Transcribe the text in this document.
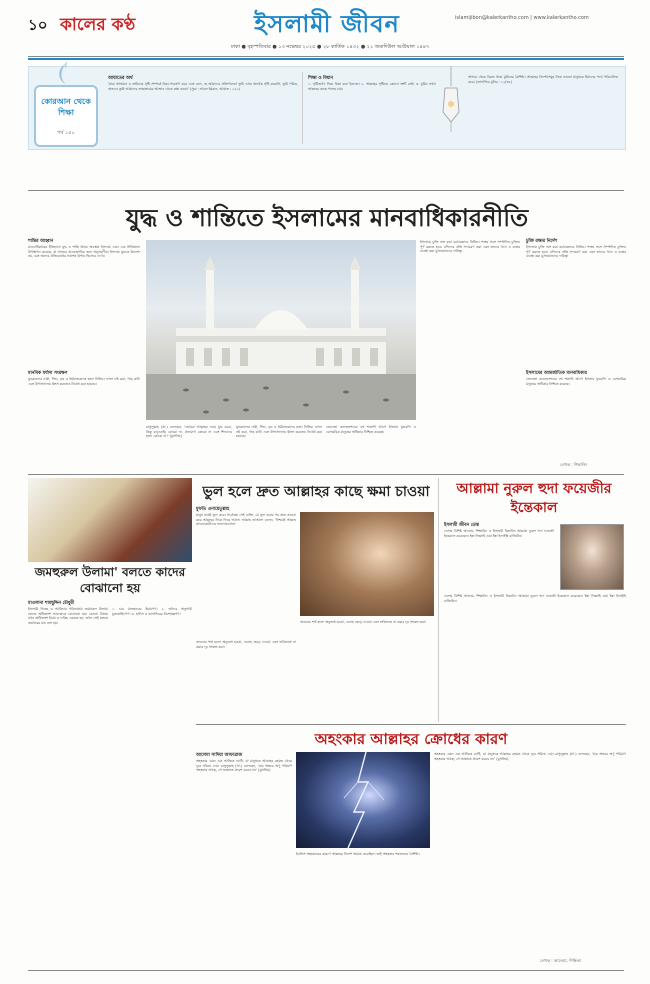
১০ কালের কণ্ঠ	ইসলামী জীবন
ঢাকা ● বৃহস্পতিবার ● ১৩ নভেম্বর ২০২৫ ● ২৮ কার্তিক ১৪৩২ ● ২১ জমাদিউল আউয়াল ১৪৪৭
islamijibon@kalerkantho.com | www.kalerkantho.com
কোরআন থেকে শিক্ষা
পর্ব ১৫০
আয়াতের অর্থ
'যারা আসমান ও জমিনের সৃষ্টি সম্পর্কে চিন্তা-গবেষণা করে এবং বলে, হে আমাদের প্রতিপালক! তুমি এসব অনর্থক সৃষ্টি করোনি, তুমি পবিত্র, অতএব তুমি আমাদের জাহান্নামের আজাব থেকে রক্ষা করো।' (সুরা : আলে ইমরান, আয়াত : ১৯১)
শিক্ষা ও বিধান
১. সৃষ্টিজগৎ নিয়ে চিন্তা করা ইবাদত। ২. আল্লাহর সৃষ্টিতে কোনো ত্রুটি নেই। ৩. মুমিন সর্বদা আল্লাহর কাছে পানাহ চায়।
অপচয় থেকে বিরত থাকা মুমিনের বৈশিষ্ট্য। আল্লাহর নিদর্শনসমূহ নিয়ে ভাবনা মানুষকে ঈমানের পথে পরিচালিত করে। (তাফসিরে মুনির : ১২/৩৫)
যুদ্ধ ও শান্তিতে ইসলামের মানবাধিকারনীতি
শান্তির আহ্বান
মানবাধিকারের ইতিহাসে যুদ্ধ ও শান্তি উভয় অবস্থায় ইসলাম এমন এক নীতিমালা উপস্থাপন করেছে, যা আজও মানবজাতির জন্য অনুসরণীয়। ইসলাম যুদ্ধকে উদ্দেশ্য নয়, বরং অন্যায় প্রতিরোধের সর্বশেষ উপায় হিসেবে দেখে।
মানবিক মর্যাদা সংরক্ষণ
যুদ্ধকালেও নারী, শিশু, বৃদ্ধ ও ধর্মযাজকদের হত্যা নিষিদ্ধ। ফসল নষ্ট করা, গাছ কাটা এবং উপাসনালয় ধ্বংস করতেও নিষেধ করা হয়েছে।
রাসুলুল্লাহ (সা.) বলেছেন, 'তোমরা আল্লাহর নামে যুদ্ধ করো, কিন্তু বাড়াবাড়ি কোরো না, প্রতারণা কোরো না এবং শিশুদের হত্যা কোরো না।' (মুসলিম)
যুদ্ধকালেও নারী, শিশু, বৃদ্ধ ও ধর্মযাজকদের হত্যা নিষিদ্ধ। ফসল নষ্ট করা, গাছ কাটা এবং উপাসনালয় ধ্বংস করতেও নিষেধ করা হয়েছে।
জেনেভা কনভেনশনের বহু শতাব্দী আগে ইসলাম যুদ্ধবন্দি ও বেসামরিক মানুষের অধিকার নিশ্চিত করেছে।
ইসলামে চুক্তি ভঙ্গ করা কঠোরভাবে নিষিদ্ধ। শত্রুর সঙ্গে সম্পাদিত চুক্তিও পূর্ণ করতে হবে। বন্দিদের প্রতি সদাচরণ করা এবং তাদের খাদ্য ও বস্ত্রের ব্যবস্থা করা মুসলমানদের দায়িত্ব।
চুক্তি রক্ষার নির্দেশ
ইসলামে চুক্তি ভঙ্গ করা কঠোরভাবে নিষিদ্ধ। শত্রুর সঙ্গে সম্পাদিত চুক্তিও পূর্ণ করতে হবে। বন্দিদের প্রতি সদাচরণ করা এবং তাদের খাদ্য ও বস্ত্রের ব্যবস্থা করা মুসলমানদের দায়িত্ব।
ইসলামের আন্তর্জাতিক মানবাধিকার
জেনেভা কনভেনশনের বহু শতাব্দী আগে ইসলাম যুদ্ধবন্দি ও বেসামরিক মানুষের অধিকার নিশ্চিত করেছে।
লেখক : শিক্ষাবিদ
ভুল হলে দ্রুত আল্লাহর কাছে ক্ষমা চাওয়া
মুফতি এনায়েতুল্লাহ
মানুষ মাত্রই ভুল করে। সর্বোত্তম সেই ব্যক্তি, যে ভুল করার পর দ্রুত তাওবা করে আল্লাহর দিকে ফিরে আসে। আল্লাহ তাআলা বলেন, 'নিশ্চয়ই আল্লাহ তাওবাকারীদের ভালোবাসেন।'
তাওবার শর্ত হলো অনুতপ্ত হওয়া, গুনাহ ছেড়ে দেওয়া এবং ভবিষ্যতে না করার দৃঢ় সংকল্প করা।
তাওবার শর্ত হলো অনুতপ্ত হওয়া, গুনাহ ছেড়ে দেওয়া এবং ভবিষ্যতে না করার দৃঢ় সংকল্প করা।
আল্লামা নুরুল হুদা ফয়েজীর ইন্তেকাল
ইসলামী জীবন ডেস্ক
দেশের বিশিষ্ট আলেম, শিক্ষাবিদ ও ইসলামী চিন্তাবিদ আল্লামা নুরুল হুদা ফয়েজী ইন্তেকাল করেছেন। ইন্না লিল্লাহি ওয়া ইন্না ইলাইহি রাজিউন।
দেশের বিশিষ্ট আলেম, শিক্ষাবিদ ও ইসলামী চিন্তাবিদ আল্লামা নুরুল হুদা ফয়েজী ইন্তেকাল করেছেন। ইন্না লিল্লাহি ওয়া ইন্না ইলাইহি রাজিউন।
জমহুরুল উলামা' বলতে কাদের বোঝানো হয়
মাওলানা শামছুদ্দিন চৌধুরী
ইসলামী ফিকহ ও আকিদার পরিভাষায় জমহুরুল উলামা বলতে অধিকাংশ আলেমকে বোঝানো হয়। কোনো বিষয়ে যখন অধিকাংশ ইমাম ও ফকিহ একমত হন, তখন সেই মতকে জমহুরের মত বলা হয়।
১. চার মাজহাবের ইমামগণ। ২. তাঁদের অনুসারী মুজতাহিদগণ। ৩. হাদিস ও তাফসিরের বিশেষজ্ঞগণ।
অহংকার আল্লাহর ক্রোধের কারণ
আলেমা সাদিয়া আফরোজ
অহংকার এমন এক আত্মিক ব্যাধি, যা মানুষকে আল্লাহর রহমত থেকে দূরে সরিয়ে দেয়। রাসুলুল্লাহ (সা.) বলেছেন, 'যার অন্তরে অণু পরিমাণ অহংকার আছে, সে জান্নাতে প্রবেশ করবে না।' (মুসলিম)
ইবলিস অহংকারের কারণে আল্লাহর নির্দেশ অমান্য করেছিল। তাই অহংকার শয়তানের বৈশিষ্ট্য।
অহংকার এমন এক আত্মিক ব্যাধি, যা মানুষকে আল্লাহর রহমত থেকে দূরে সরিয়ে দেয়। রাসুলুল্লাহ (সা.) বলেছেন, 'যার অন্তরে অণু পরিমাণ অহংকার আছে, সে জান্নাতে প্রবেশ করবে না।' (মুসলিম)
লেখক : আলেমা, শিক্ষিকা
